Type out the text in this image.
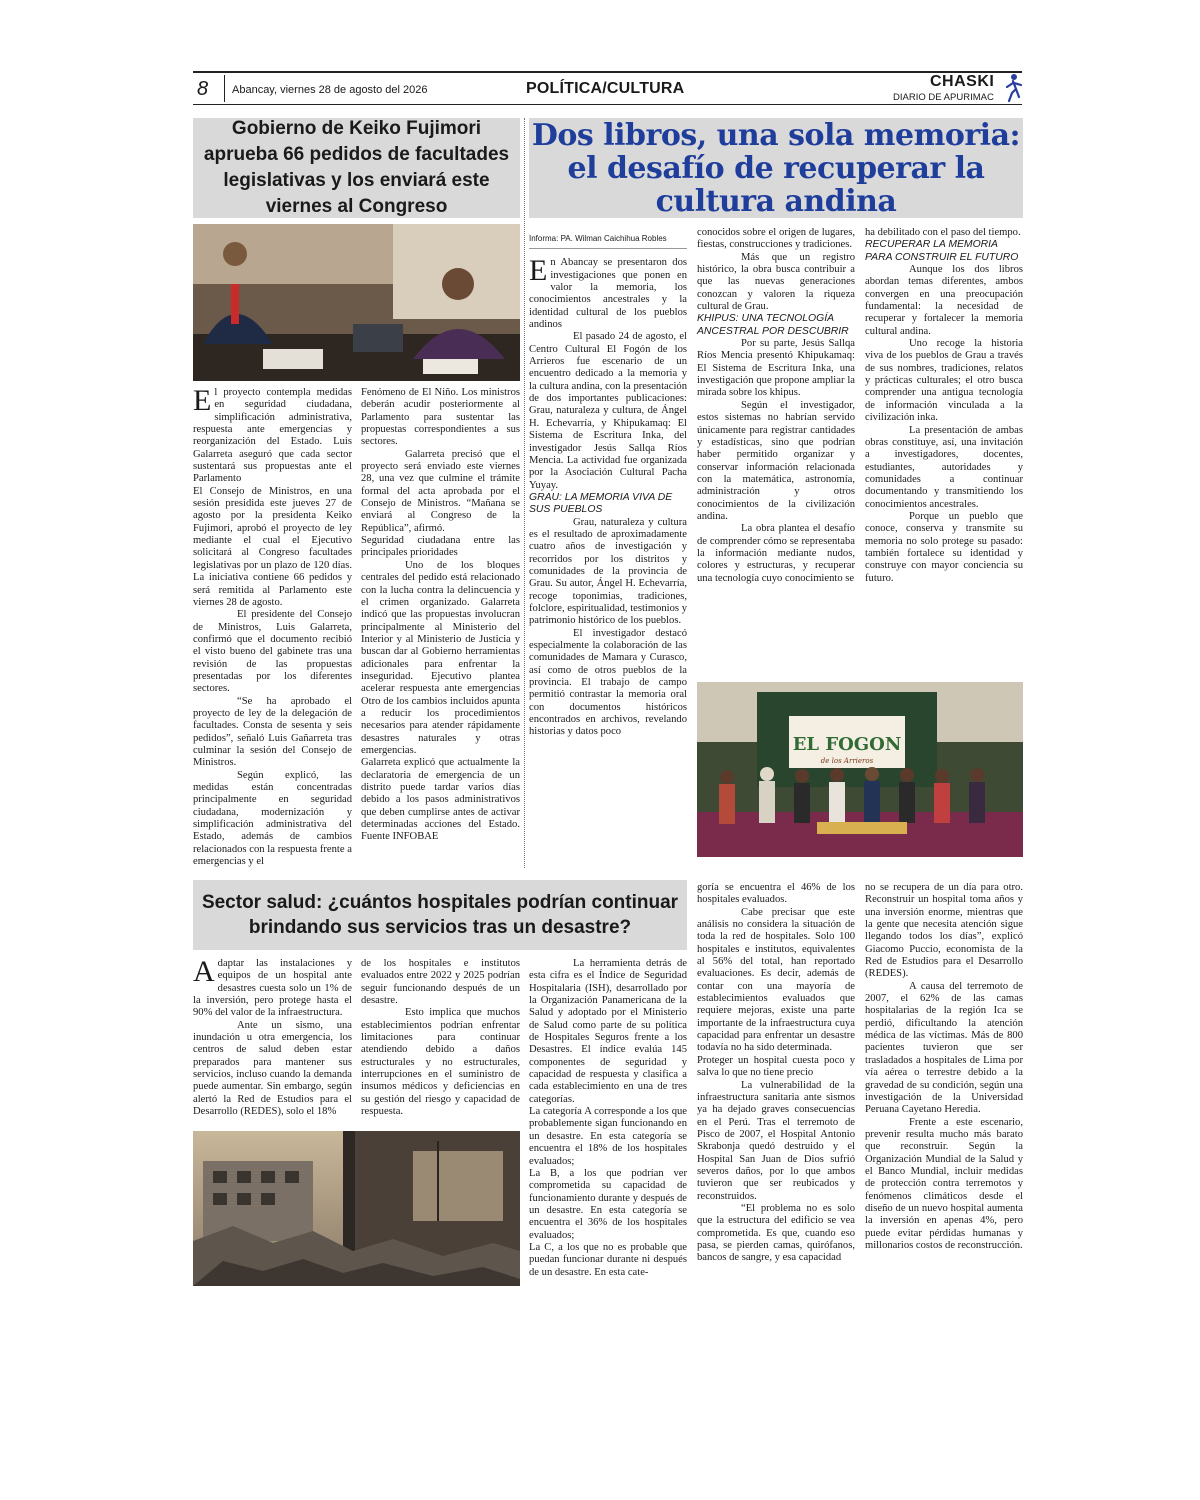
8 Abancay, viernes 28 de agosto del 2026	POLÍTICA/CULTURA	CHASKI
DIARIO DE APURIMAC
Gobierno de Keiko Fujimori aprueba 66 pedidos de facultades legislativas y los enviará este viernes al Congreso

El proyecto contempla medidas en seguridad ciudadana, simplificación administrativa, respuesta ante emergencias y reorganización del Estado. Luis Galarreta aseguró que cada sector sustentará sus propuestas ante el Parlamento

El Consejo de Ministros, en una sesión presidida este jueves 27 de agosto por la presidenta Keiko Fujimori, aprobó el proyecto de ley mediante el cual el Ejecutivo solicitará al Congreso facultades legislativas por un plazo de 120 días. La iniciativa contiene 66 pedidos y será remitida al Parlamento este viernes 28 de agosto.

El presidente del Consejo de Ministros, Luis Galarreta, confirmó que el documento recibió el visto bueno del gabinete tras una revisión de las propuestas presentadas por los diferentes sectores.

“Se ha aprobado el proyecto de ley de la delegación de facultades. Consta de sesenta y seis pedidos”, señaló Luis Gañarreta tras culminar la sesión del Consejo de Ministros.

Según explicó, las medidas están concentradas principalmente en seguridad ciudadana, modernización y simplificación administrativa del Estado, además de cambios relacionados con la respuesta frente a emergencias y el

Fenómeno de El Niño. Los ministros deberán acudir posteriormente al Parlamento para sustentar las propuestas correspondientes a sus sectores.

Galarreta precisó que el proyecto será enviado este viernes 28, una vez que culmine el trámite formal del acta aprobada por el Consejo de Ministros. “Mañana se enviará al Congreso de la República”, afirmó.

Seguridad ciudadana entre las principales prioridades

Uno de los bloques centrales del pedido está relacionado con la lucha contra la delincuencia y el crimen organizado. Galarreta indicó que las propuestas involucran principalmente al Ministerio del Interior y al Ministerio de Justicia y buscan dar al Gobierno herramientas adicionales para enfrentar la inseguridad. Ejecutivo plantea acelerar respuesta ante emergencias Otro de los cambios incluidos apunta a reducir los procedimientos necesarios para atender rápidamente desastres naturales y otras emergencias.

Galarreta explicó que actualmente la declaratoria de emergencia de un distrito puede tardar varios días debido a los pasos administrativos que deben cumplirse antes de activar determinadas acciones del Estado. Fuente INFOBAE

Dos libros, una sola memoria: el desafío de recuperar la cultura andina
Informa: PA. Wilman Caichihua Robles

En Abancay se presentaron dos investigaciones que ponen en valor la memoria, los conocimientos ancestrales y la identidad cultural de los pueblos andinos

El pasado 24 de agosto, el Centro Cultural El Fogón de los Arrieros fue escenario de un encuentro dedicado a la memoria y la cultura andina, con la presentación de dos importantes publicaciones: Grau, naturaleza y cultura, de Ángel H. Echevarría, y Khipukamaq: El Sistema de Escritura Inka, del investigador Jesús Sallqa Ríos Mencia. La actividad fue organizada por la Asociación Cultural Pacha Yuyay.

GRAU: LA MEMORIA VIVA DE SUS PUEBLOS

Grau, naturaleza y cultura es el resultado de aproximadamente cuatro años de investigación y recorridos por los distritos y comunidades de la provincia de Grau. Su autor, Ángel H. Echevarría, recoge toponimias, tradiciones, folclore, espiritualidad, testimonios y patrimonio histórico de los pueblos.

El investigador destacó especialmente la colaboración de las comunidades de Mamara y Curasco, así como de otros pueblos de la provincia. El trabajo de campo permitió contrastar la memoria oral con documentos históricos encontrados en archivos, revelando historias y datos poco

conocidos sobre el origen de lugares, fiestas, construcciones y tradiciones.

Más que un registro histórico, la obra busca contribuir a que las nuevas generaciones conozcan y valoren la riqueza cultural de Grau.

KHIPUS: UNA TECNOLOGÍA ANCESTRAL POR DESCUBRIR

Por su parte, Jesús Sallqa Ríos Mencia presentó Khipukamaq: El Sistema de Escritura Inka, una investigación que propone ampliar la mirada sobre los khipus.

Según el investigador, estos sistemas no habrían servido únicamente para registrar cantidades y estadísticas, sino que podrían haber permitido organizar y conservar información relacionada con la matemática, astronomía, administración y otros conocimientos de la civilización andina.

La obra plantea el desafío de comprender cómo se representaba la información mediante nudos, colores y estructuras, y recuperar una tecnología cuyo conocimiento se

ha debilitado con el paso del tiempo.

RECUPERAR LA MEMORIA PARA CONSTRUIR EL FUTURO

Aunque los dos libros abordan temas diferentes, ambos convergen en una preocupación fundamental: la necesidad de recuperar y fortalecer la memoria cultural andina.

Uno recoge la historia viva de los pueblos de Grau a través de sus nombres, tradiciones, relatos y prácticas culturales; el otro busca comprender una antigua tecnología de información vinculada a la civilización inka.

La presentación de ambas obras constituye, así, una invitación a investigadores, docentes, estudiantes, autoridades y comunidades a continuar documentando y transmitiendo los conocimientos ancestrales.

Porque un pueblo que conoce, conserva y transmite su memoria no solo protege su pasado: también fortalece su identidad y construye con mayor conciencia su futuro.

EL FOGON
de los Arrieros
Sector salud: ¿cuántos hospitales podrían continuar brindando sus servicios tras un desastre?

Adaptar las instalaciones y equipos de un hospital ante desastres cuesta solo un 1% de la inversión, pero protege hasta el 90% del valor de la infraestructura.

Ante un sismo, una inundación u otra emergencia, los centros de salud deben estar preparados para mantener sus servicios, incluso cuando la demanda puede aumentar. Sin embargo, según alertó la Red de Estudios para el Desarrollo (REDES), solo el 18%

de los hospitales e institutos evaluados entre 2022 y 2025 podrían seguir funcionando después de un desastre.

Esto implica que muchos establecimientos podrían enfrentar limitaciones para continuar atendiendo debido a daños estructurales y no estructurales, interrupciones en el suministro de insumos médicos y deficiencias en su gestión del riesgo y capacidad de respuesta.

La herramienta detrás de esta cifra es el Índice de Seguridad Hospitalaria (ISH), desarrollado por la Organización Panamericana de la Salud y adoptado por el Ministerio de Salud como parte de su política de Hospitales Seguros frente a los Desastres. El índice evalúa 145 componentes de seguridad y capacidad de respuesta y clasifica a cada establecimiento en una de tres categorías.

La categoría A corresponde a los que probablemente sigan funcionando en un desastre. En esta categoría se encuentra el 18% de los hospitales evaluados;

La B, a los que podrían ver comprometida su capacidad de funcionamiento durante y después de un desastre. En esta categoría se encuentra el 36% de los hospitales evaluados;

La C, a los que no es probable que puedan funcionar durante ni después de un desastre. En esta cate-

goría se encuentra el 46% de los hospitales evaluados.

Cabe precisar que este análisis no considera la situación de toda la red de hospitales. Solo 100 hospitales e institutos, equivalentes al 56% del total, han reportado evaluaciones. Es decir, además de contar con una mayoría de establecimientos evaluados que requiere mejoras, existe una parte importante de la infraestructura cuya capacidad para enfrentar un desastre todavía no ha sido determinada.

Proteger un hospital cuesta poco y salva lo que no tiene precio

La vulnerabilidad de la infraestructura sanitaria ante sismos ya ha dejado graves consecuencias en el Perú. Tras el terremoto de Pisco de 2007, el Hospital Antonio Skrabonja quedó destruido y el Hospital San Juan de Dios sufrió severos daños, por lo que ambos tuvieron que ser reubicados y reconstruidos.

“El problema no es solo que la estructura del edificio se vea comprometida. Es que, cuando eso pasa, se pierden camas, quirófanos, bancos de sangre, y esa capacidad

no se recupera de un día para otro. Reconstruir un hospital toma años y una inversión enorme, mientras que la gente que necesita atención sigue llegando todos los días”, explicó Giacomo Puccio, economista de la Red de Estudios para el Desarrollo (REDES).

A causa del terremoto de 2007, el 62% de las camas hospitalarias de la región Ica se perdió, dificultando la atención médica de las víctimas. Más de 800 pacientes tuvieron que ser trasladados a hospitales de Lima por vía aérea o terrestre debido a la gravedad de su condición, según una investigación de la Universidad Peruana Cayetano Heredia.

Frente a este escenario, prevenir resulta mucho más barato que reconstruir. Según la Organización Mundial de la Salud y el Banco Mundial, incluir medidas de protección contra terremotos y fenómenos climáticos desde el diseño de un nuevo hospital aumenta la inversión en apenas 4%, pero puede evitar pérdidas humanas y millonarios costos de reconstrucción.
